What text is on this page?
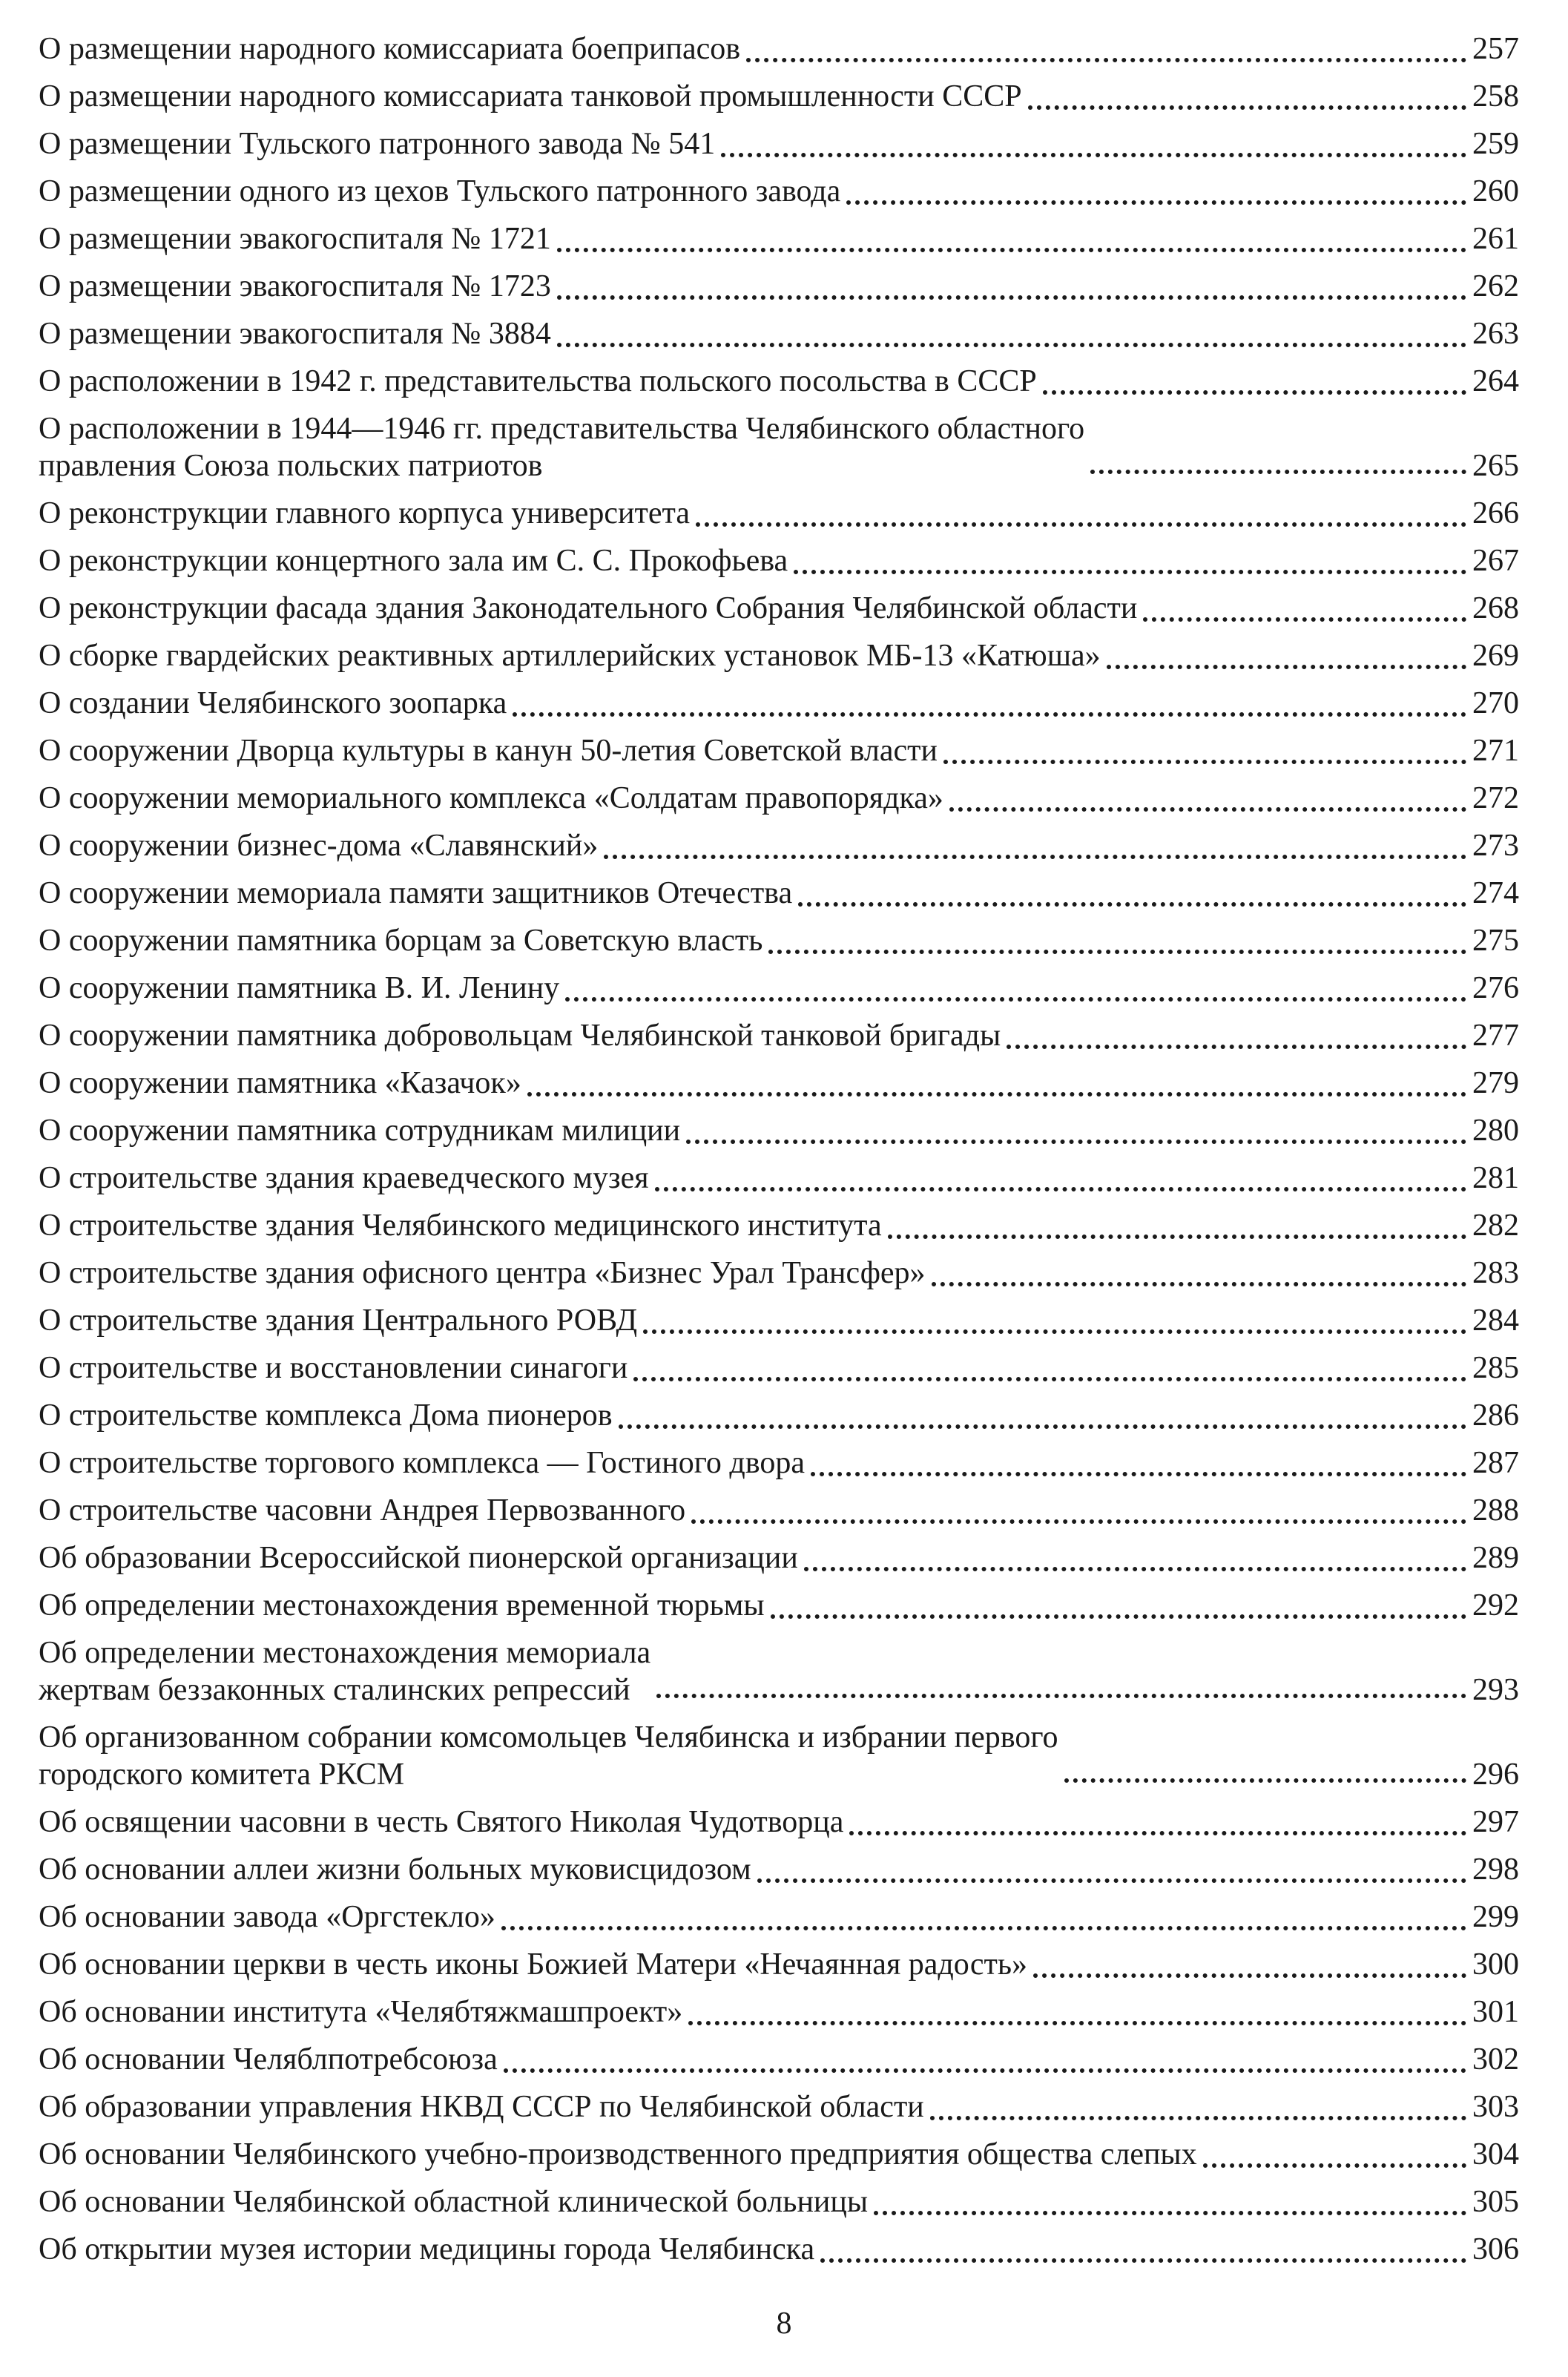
О размещении народного комиссариата боеприпасов	257
О размещении народного комиссариата танковой промышленности СССР	258
О размещении Тульского патронного завода № 541	259
О размещении одного из цехов Тульского патронного завода	260
О размещении эвакогоспиталя № 1721	261
О размещении эвакогоспиталя № 1723	262
О размещении эвакогоспиталя № 3884	263
О расположении в 1942 г. представительства польского посольства в СССР	264
О расположении в 1944—1946 гг. представительства Челябинского областного
правления Союза польских патриотов	265
О реконструкции главного корпуса университета	266
О реконструкции концертного зала им С. С. Прокофьева	267
О реконструкции фасада здания Законодательного Собрания Челябинской области	268
О сборке гвардейских реактивных артиллерийских установок МБ-13 «Катюша»	269
О создании Челябинского зоопарка	270
О сооружении Дворца культуры в канун 50-летия Советской власти	271
О сооружении мемориального комплекса «Солдатам правопорядка»	272
О сооружении бизнес-дома «Славянский»	273
О сооружении мемориала памяти защитников Отечества	274
О сооружении памятника борцам за Советскую власть	275
О сооружении памятника В. И. Ленину	276
О сооружении памятника добровольцам Челябинской танковой бригады	277
О сооружении памятника «Казачок»	279
О сооружении памятника сотрудникам милиции	280
О строительстве здания краеведческого музея	281
О строительстве здания Челябинского медицинского института	282
О строительстве здания офисного центра «Бизнес Урал Трансфер»	283
О строительстве здания Центрального РОВД	284
О строительстве и восстановлении синагоги	285
О строительстве комплекса Дома пионеров	286
О строительстве торгового комплекса — Гостиного двора	287
О строительстве часовни Андрея Первозванного	288
Об образовании Всероссийской пионерской организации	289
Об определении местонахождения временной тюрьмы	292
Об определении местонахождения мемориала
жертвам беззаконных сталинских репрессий	293
Об организованном собрании комсомольцев Челябинска и избрании первого
городского комитета РКСМ	296
Об освящении часовни в честь Святого Николая Чудотворца	297
Об основании аллеи жизни больных муковисцидозом	298
Об основании завода «Оргстекло»	299
Об основании церкви в честь иконы Божией Матери «Нечаянная радость»	300
Об основании института «Челябтяжмашпроект»	301
Об основании Челяблпотребсоюза	302
Об образовании управления НКВД СССР по Челябинской области	303
Об основании Челябинского учебно-производственного предприятия общества слепых	304
Об основании Челябинской областной клинической больницы	305
Об открытии музея истории медицины города Челябинска	306
8
